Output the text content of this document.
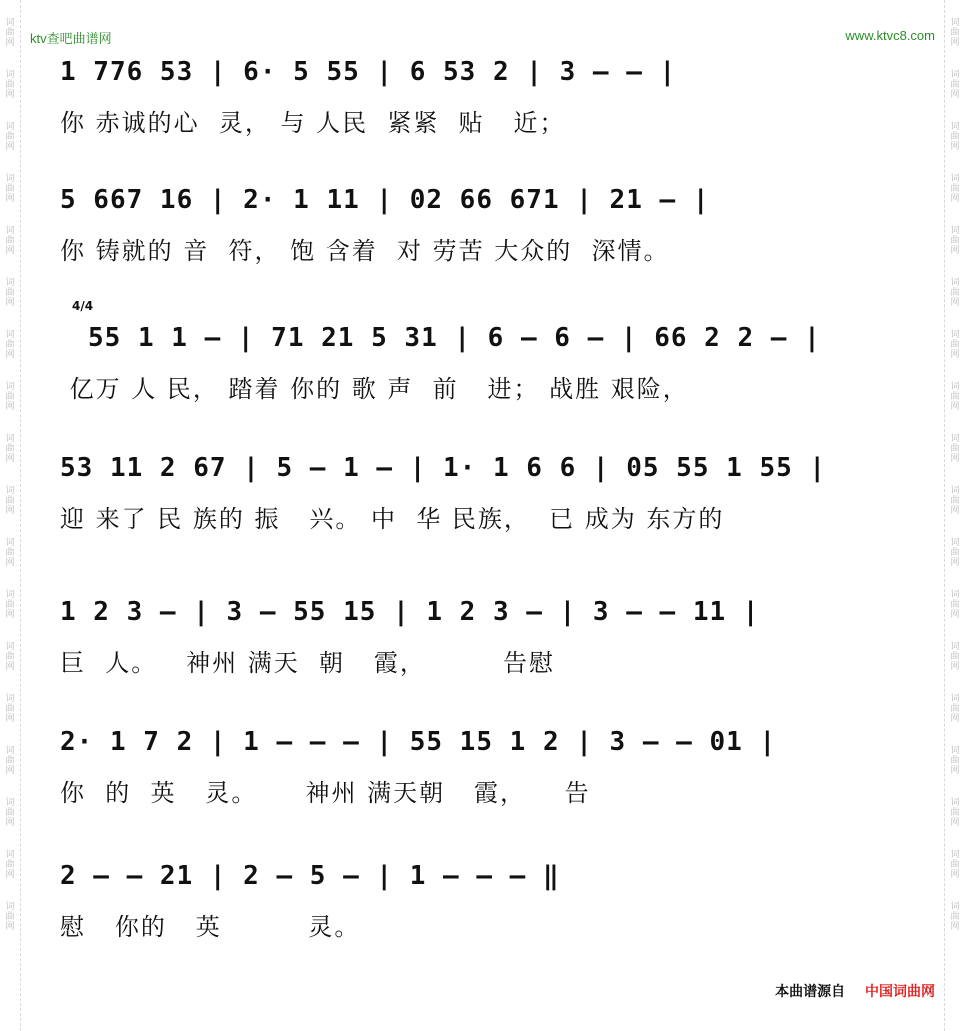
词
曲
网
词
曲
网
词
曲
网
词
曲
网
词
曲
网
词
曲
网
词
曲
网
词
曲
网
词
曲
网
词
曲
网
词
曲
网
词
曲
网
词
曲
网
词
曲
网
词
曲
网
词
曲
网
词
曲
网
词
曲
网
词
曲
网
词
曲
网
词
曲
网
词
曲
网
词
曲
网
词
曲
网
词
曲
网
词
曲
网
词
曲
网
词
曲
网
词
曲
网
词
曲
网
词
曲
网
词
曲
网
词
曲
网
词
曲
网
词
曲
网
词
曲
网
ktv查吧曲谱网	www.ktvc8.com
4/4
1 776 53 | 6· 5 55 | 6 53 2 | 3 – – |
你 赤诚的心  灵， 与 人民  紧紧  贴   近；
5 667 16 | 2· 1 11 | 02 66 671 | 21 – |
你 铸就的 音  符， 饱 含着  对 劳苦 大众的  深情。
55 1 1 – | 71 21 5 31 | 6 – 6 – | 66 2 2 – |
亿万 人 民， 踏着 你的 歌 声  前   进； 战胜 艰险，
53 11 2 67 | 5 – 1 – | 1· 1 6 6 | 05 55 1 55 |
迎 来了 民 族的 振   兴。 中  华 民族，  已 成为 东方的
1 2 3 – | 3 – 55 15 | 1 2 3 – | 3 – – 11 |
巨  人。   神州 满天  朝   霞，        告慰
2· 1 7 2 | 1 – – – | 55 15 1 2 | 3 – – 01 |
你  的  英   灵。     神州 满天朝   霞，    告
2 – – 21 | 2 – 5 – | 1 – – – ‖
慰   你的   英         灵。
本曲谱源自 中国词曲网
